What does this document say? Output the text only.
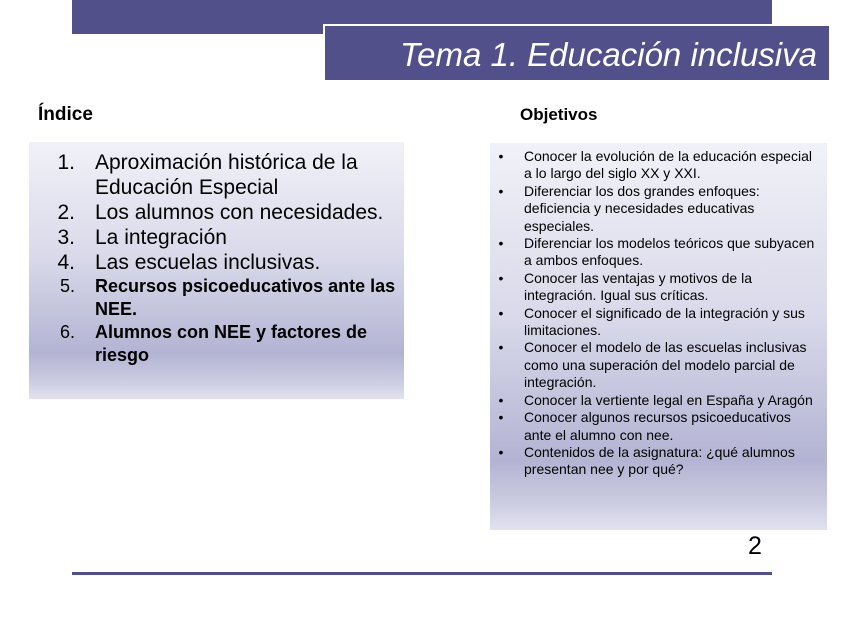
Tema 1. Educación inclusiva
Índice	Objetivos
1. Aproximación histórica de la Educación Especial
2. Los alumnos con necesidades.
3. La integración
4. Las escuelas inclusivas.
5.	Recursos psicoeducativos ante las NEE.
6.	Alumnos con NEE y factores de riesgo
•	Conocer la evolución de la educación especial a lo largo del siglo XX y XXI.
•	Diferenciar los dos grandes enfoques: deficiencia y necesidades educativas especiales.
•	Diferenciar los modelos teóricos que subyacen a ambos enfoques.
•	Conocer las ventajas y motivos de la integración. Igual sus críticas.
•	Conocer el significado de la integración y sus limitaciones.
•	Conocer el modelo de las escuelas inclusivas como una superación del modelo parcial de integración.
•	Conocer la vertiente legal en España y Aragón
•	Conocer algunos recursos psicoeducativos ante el alumno con nee.
•	Contenidos de la asignatura: ¿qué alumnos presentan nee y por qué?
2
